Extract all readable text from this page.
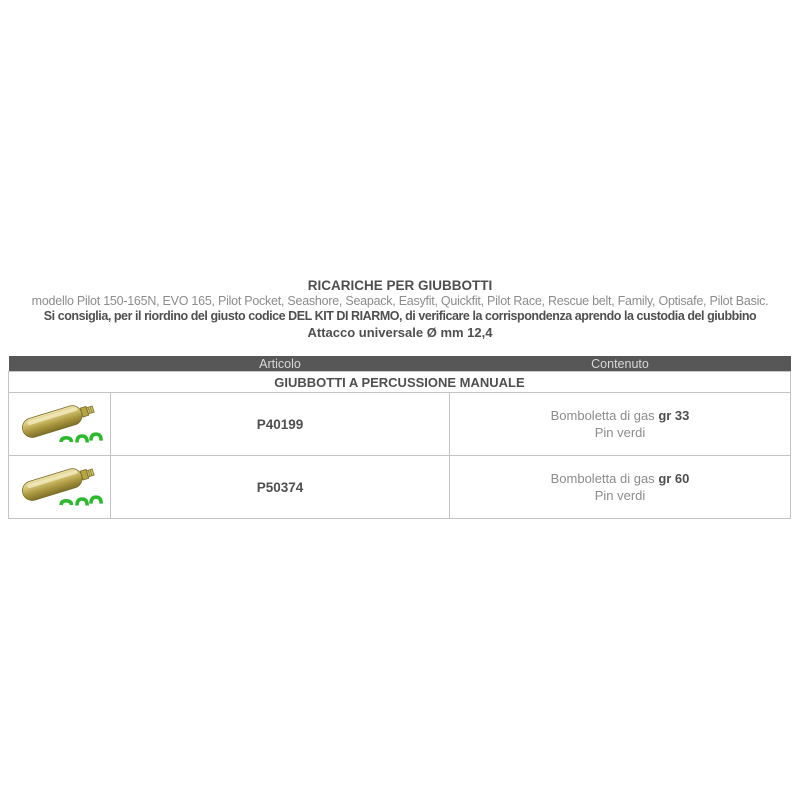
RICARICHE PER GIUBBOTTI
modello Pilot 150-165N, EVO 165, Pilot Pocket, Seashore, Seapack, Easyfit, Quickfit, Pilot Race, Rescue belt, Family, Optisafe, Pilot Basic.
Si consiglia, per il riordino del giusto codice DEL KIT DI RIARMO, di verificare la corrispondenza aprendo la custodia del giubbino
Attacco universale Ø mm 12,4
	Articolo	Contenuto
GIUBBOTTI A PERCUSSIONE MANUALE		
	P40199	Bomboletta di gas gr 33
Pin verdi

	P50374	Bomboletta di gas gr 60
Pin verdi
